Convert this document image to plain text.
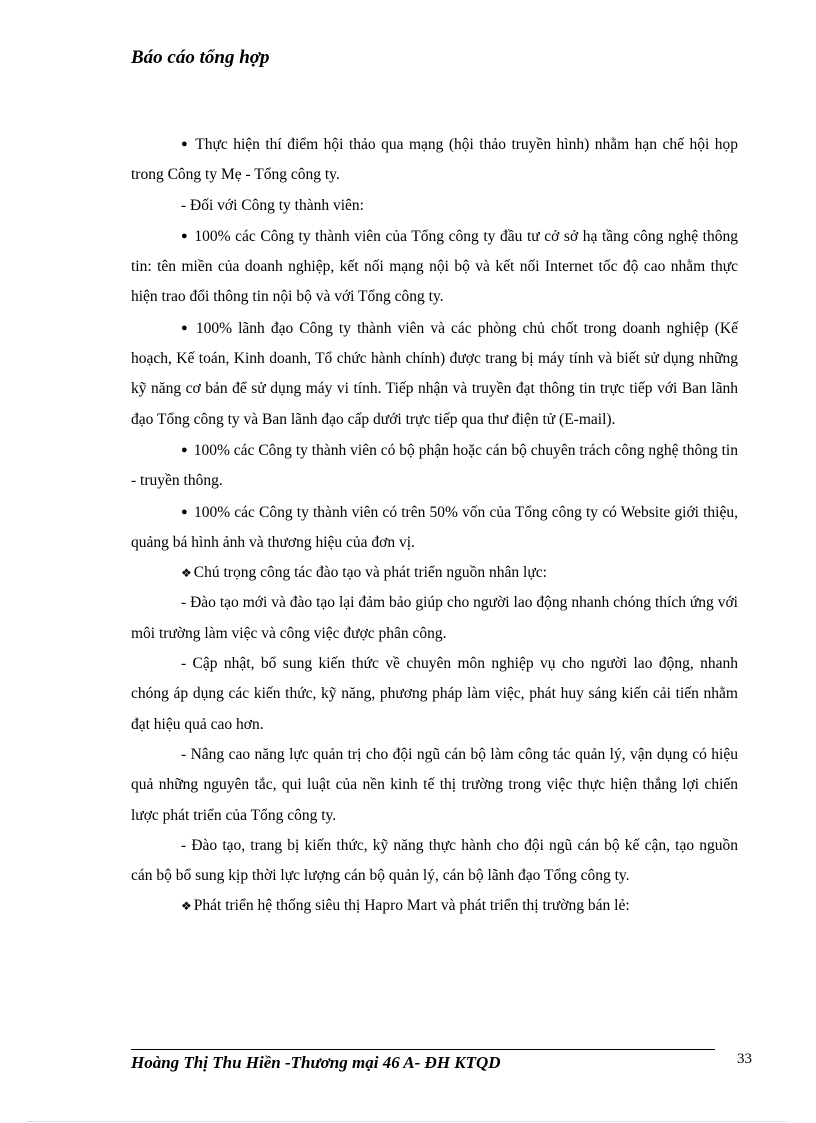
Báo cáo tổng hợp

● Thực hiện thí điểm hội thảo qua mạng (hội thảo truyền hình) nhằm hạn chế hội họp trong Công ty Mẹ - Tổng công ty.

- Đối với Công ty thành viên:

● 100% các Công ty thành viên của Tổng công ty đầu tư cở sở hạ tầng công nghệ thông tin: tên miền của doanh nghiệp, kết nối mạng nội bộ và kết nối Internet tốc độ cao nhằm thực hiện trao đổi thông tin nội bộ và với Tổng công ty.

● 100% lãnh đạo Công ty thành viên và các phòng chủ chốt trong doanh nghiệp (Kế hoạch, Kế toán, Kinh doanh, Tổ chức hành chính) được trang bị máy tính và biết sử dụng những kỹ năng cơ bản để sử dụng máy vi tính. Tiếp nhận và truyền đạt thông tin trực tiếp với Ban lãnh đạo Tổng công ty và Ban lãnh đạo cấp dưới trực tiếp qua thư điện tử (E-mail).

● 100% các Công ty thành viên có bộ phận hoặc cán bộ chuyên trách công nghệ thông tin - truyền thông.

● 100% các Công ty thành viên có trên 50% vốn của Tổng công ty có Website giới thiệu, quảng bá hình ảnh và thương hiệu của đơn vị.

❖ Chú trọng công tác đào tạo và phát triển nguồn nhân lực:

- Đào tạo mới và đào tạo lại đảm bảo giúp cho người lao động nhanh chóng thích ứng với môi trường làm việc và công việc được phân công.

- Cập nhật, bổ sung kiến thức về chuyên môn nghiệp vụ cho người lao động, nhanh chóng áp dụng các kiến thức, kỹ năng, phương pháp làm việc, phát huy sáng kiến cải tiến nhằm đạt hiệu quả cao hơn.

- Nâng cao năng lực quản trị cho đội ngũ cán bộ làm công tác quản lý, vận dụng có hiệu quả những nguyên tắc, qui luật của nền kinh tế thị trường trong việc thực hiện thắng lợi chiến lược phát triển của Tổng công ty.

- Đào tạo, trang bị kiến thức, kỹ năng thực hành cho đội ngũ cán bộ kế cận, tạo nguồn cán bộ bổ sung kịp thời lực lượng cán bộ quản lý, cán bộ lãnh đạo Tổng công ty.

❖ Phát triển hệ thống siêu thị Hapro Mart và phát triển thị trường bán lẻ:

Hoàng Thị Thu Hiền -Thương mại 46 A- ĐH KTQD	33
